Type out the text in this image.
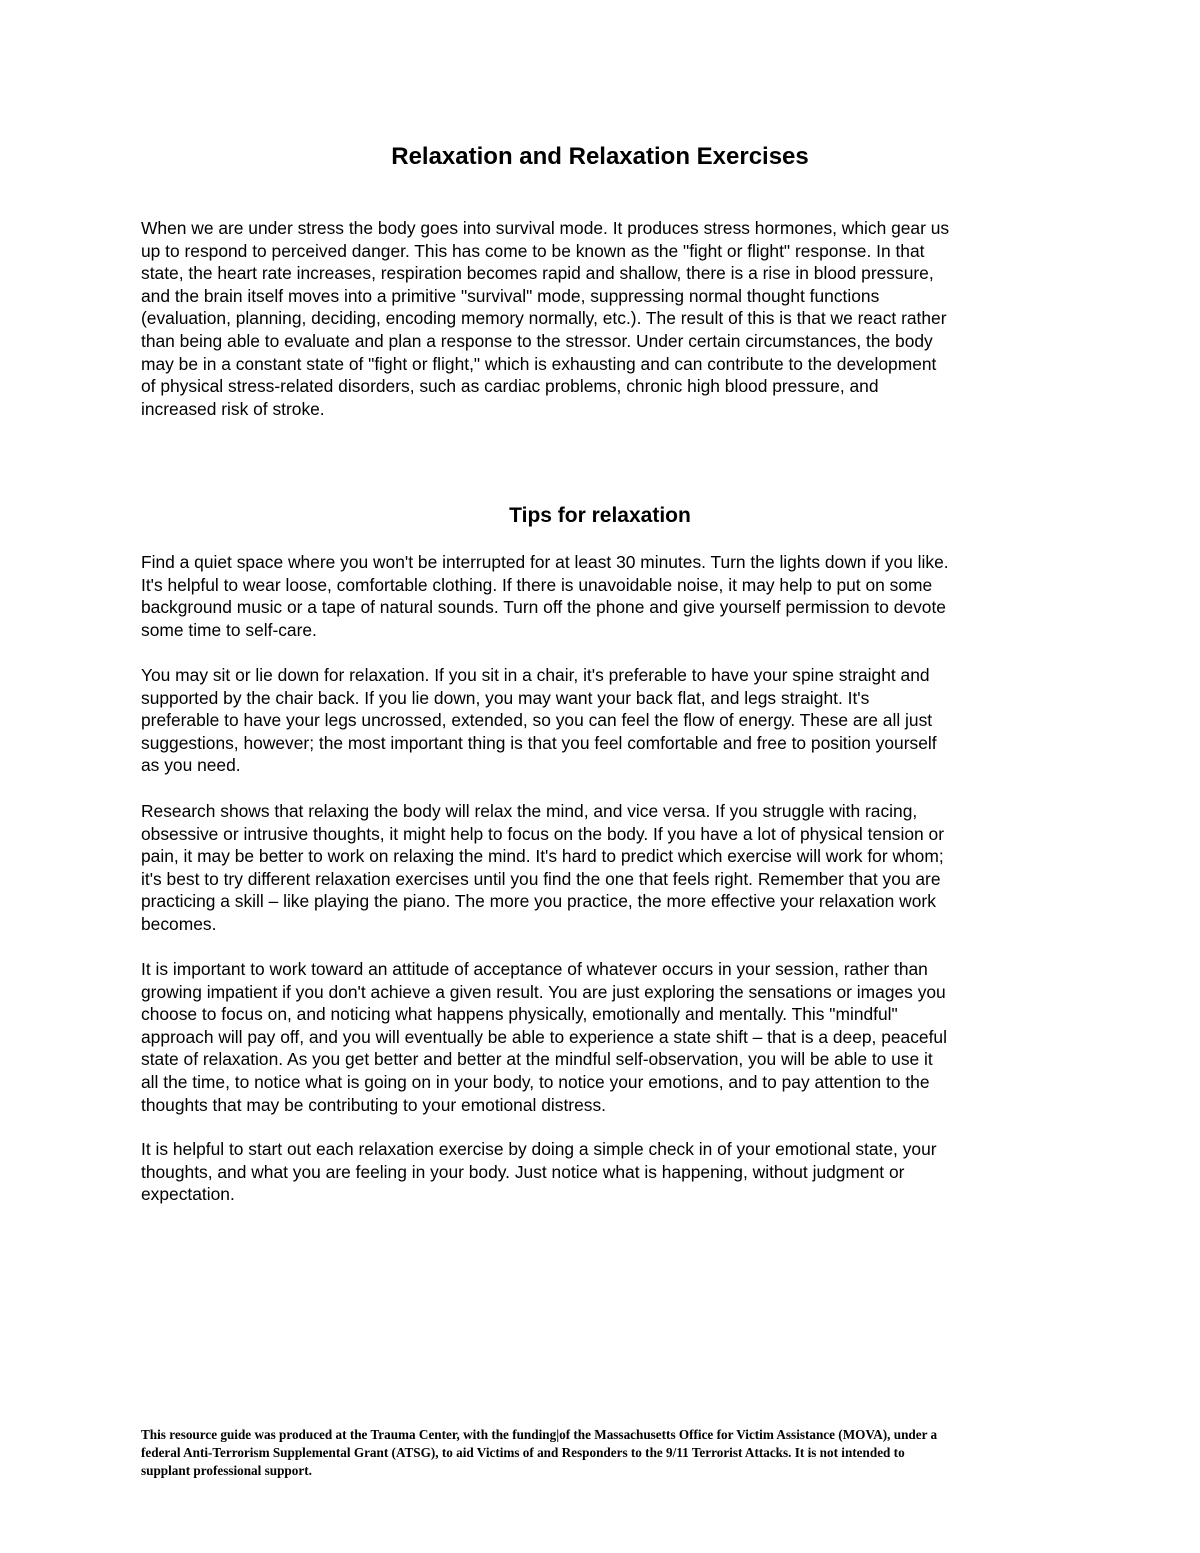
Relaxation and Relaxation Exercises

When we are under stress the body goes into survival mode. It produces stress hormones, which gear us
up to respond to perceived danger. This has come to be known as the "fight or flight" response. In that
state, the heart rate increases, respiration becomes rapid and shallow, there is a rise in blood pressure,
and the brain itself moves into a primitive "survival" mode, suppressing normal thought functions
(evaluation, planning, deciding, encoding memory normally, etc.). The result of this is that we react rather
than being able to evaluate and plan a response to the stressor. Under certain circumstances, the body
may be in a constant state of "fight or flight," which is exhausting and can contribute to the development
of physical stress-related disorders, such as cardiac problems, chronic high blood pressure, and
increased risk of stroke.

Tips for relaxation

Find a quiet space where you won't be interrupted for at least 30 minutes. Turn the lights down if you like.
It's helpful to wear loose, comfortable clothing. If there is unavoidable noise, it may help to put on some
background music or a tape of natural sounds. Turn off the phone and give yourself permission to devote
some time to self-care.

You may sit or lie down for relaxation. If you sit in a chair, it's preferable to have your spine straight and
supported by the chair back. If you lie down, you may want your back flat, and legs straight. It's
preferable to have your legs uncrossed, extended, so you can feel the flow of energy. These are all just
suggestions, however; the most important thing is that you feel comfortable and free to position yourself
as you need.

Research shows that relaxing the body will relax the mind, and vice versa. If you struggle with racing,
obsessive or intrusive thoughts, it might help to focus on the body. If you have a lot of physical tension or
pain, it may be better to work on relaxing the mind. It's hard to predict which exercise will work for whom;
it's best to try different relaxation exercises until you find the one that feels right. Remember that you are
practicing a skill – like playing the piano. The more you practice, the more effective your relaxation work
becomes.

It is important to work toward an attitude of acceptance of whatever occurs in your session, rather than
growing impatient if you don't achieve a given result. You are just exploring the sensations or images you
choose to focus on, and noticing what happens physically, emotionally and mentally. This "mindful"
approach will pay off, and you will eventually be able to experience a state shift – that is a deep, peaceful
state of relaxation. As you get better and better at the mindful self-observation, you will be able to use it
all the time, to notice what is going on in your body, to notice your emotions, and to pay attention to the
thoughts that may be contributing to your emotional distress.

It is helpful to start out each relaxation exercise by doing a simple check in of your emotional state, your
thoughts, and what you are feeling in your body. Just notice what is happening, without judgment or
expectation.

This resource guide was produced at the Trauma Center, with the funding|of the Massachusetts Office for Victim Assistance (MOVA), under a
federal Anti-Terrorism Supplemental Grant (ATSG), to aid Victims of and Responders to the 9/11 Terrorist Attacks. It is not intended to
supplant professional support.
